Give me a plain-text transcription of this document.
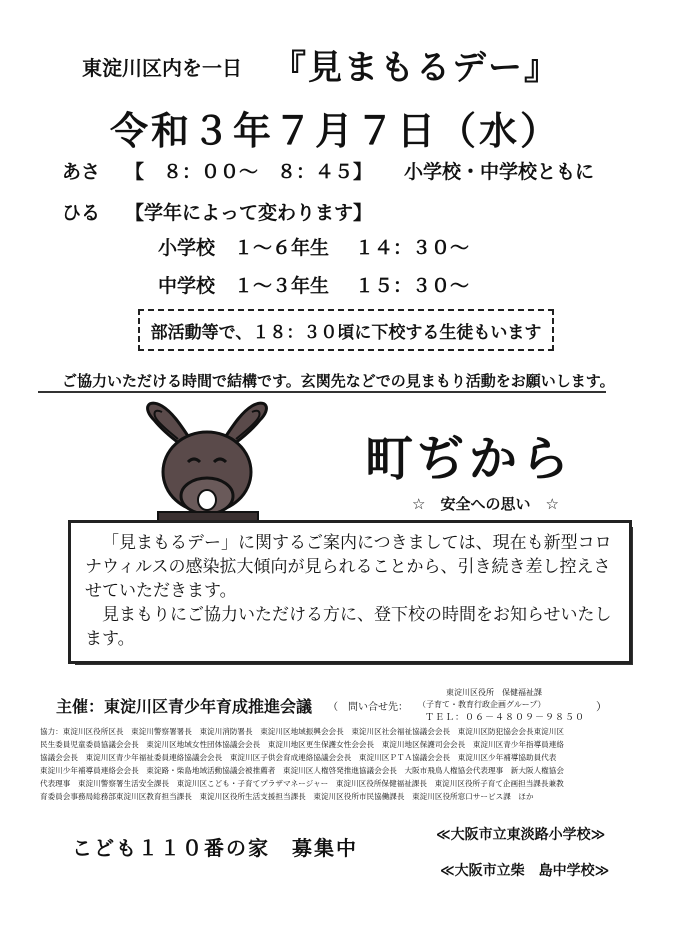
東淀川区内を一日 『見まもるデー』
令和３年７月７日（水）
あさ 【　８：００～　８：４５】 小学校・中学校ともに
ひる 【学年によって変わります】
小学校　１～６年生 １４：３０～
中学校　１～３年生 １５：３０～
部活動等で、１８：３０頃に下校する生徒もいます
ご協力いただける時間で結構です。玄関先などでの見まもり活動をお願いします。
町ぢから
☆　安全への思い　☆

「見まもるデー」に関するご案内につきましては、現在も新型コロナウィルスの感染拡大傾向が見られることから、引き続き差し控えさせていただきます。

見まもりにご協力いただける方に、登下校の時間をお知らせいたします。

主催：東淀川区青少年育成推進会議 （　問い合せ先：
東淀川区役所　保健福祉課
（子育て・教育行政企画グループ）
ＴＥＬ：０６－４８０９－９８５０
）

協力：東淀川区役所区長　東淀川警察署署長　東淀川消防署長　東淀川区地域振興会会長　東淀川区社会福祉協議会会長　東淀川区防犯協会会長東淀川区

民生委員児童委員協議会会長　東淀川区地域女性団体協議会会長　東淀川地区更生保護女性会会長　東淀川地区保護司会会長　東淀川区青少年指導員連絡

協議会会長　東淀川区青少年福祉委員連絡協議会会長　東淀川区子供会育成連絡協議会会長　東淀川区ＰＴＡ協議会会長　東淀川区少年補導協助員代表

東淀川少年補導員連絡会会長　東淀路・柴島地域活動協議会被推薦者　東淀川区人権啓発推進協議会会長　大阪市飛鳥人権協会代表理事　新大阪人権協会

代表理事　東淀川警察署生活安全課長　東淀川区こども・子育てプラザマネージャー　東淀川区役所保健福祉課長　東淀川区役所子育て企画担当課長兼教

育委員会事務局総務部東淀川区教育担当課長　東淀川区役所生活支援担当課長　東淀川区役所市民協働課長　東淀川区役所窓口サービス課　ほか

こども１１０番の家　募集中
≪大阪市立東淡路小学校≫
≪大阪市立柴　島中学校≫
